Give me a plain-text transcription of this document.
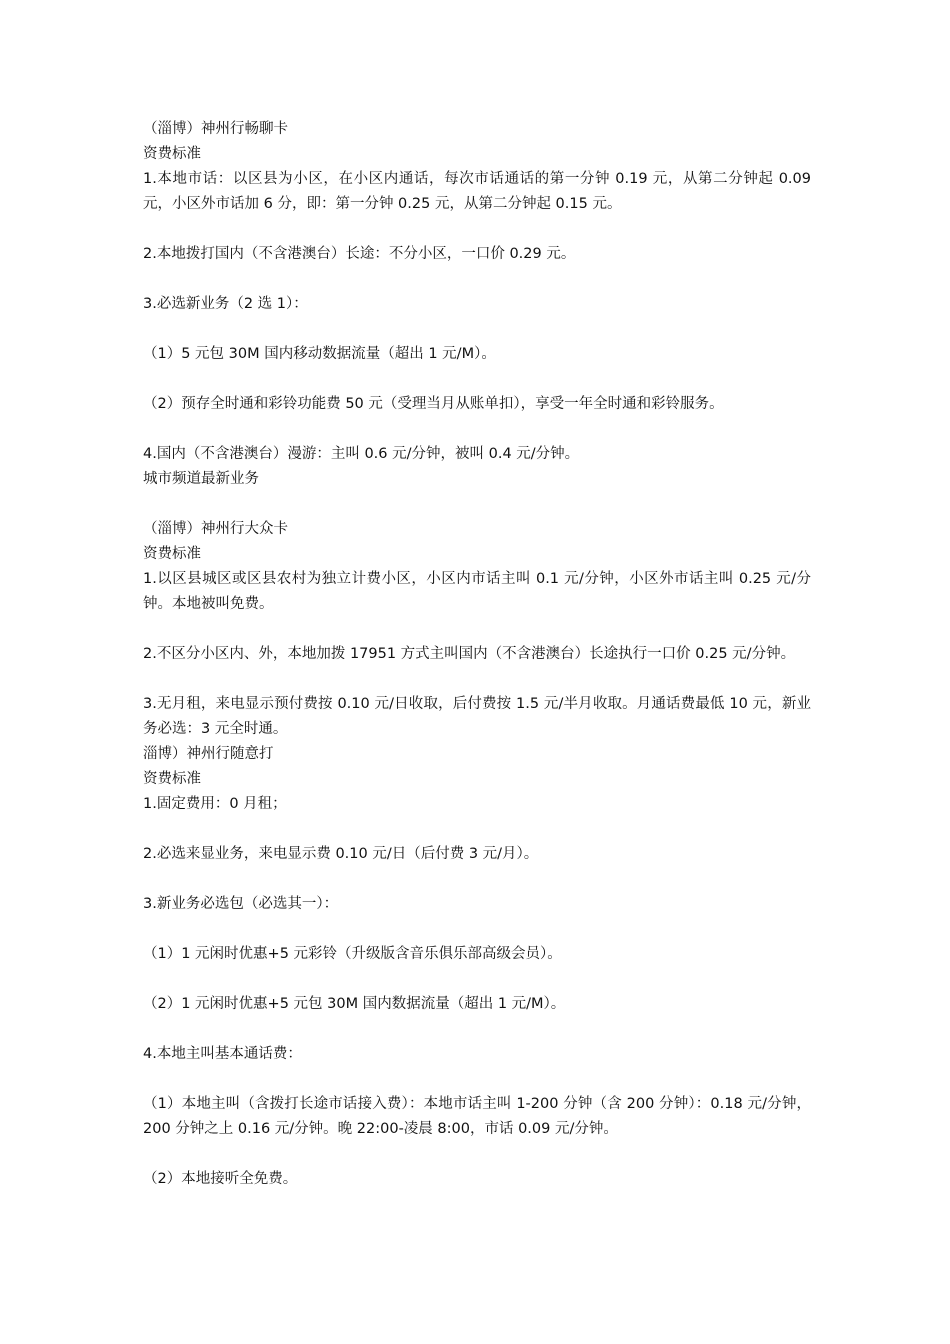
（淄博）神州行畅聊卡

资费标准

1.本地市话：以区县为小区，在小区内通话，每次市话通话的第一分钟 0.19 元，从第二分钟起 0.09 元，小区外市话加 6 分，即：第一分钟 0.25 元，从第二分钟起 0.15 元。

2.本地拨打国内（不含港澳台）长途：不分小区，一口价 0.29 元。

3.必选新业务（2 选 1）：

（1）5 元包 30M 国内移动数据流量（超出 1 元/M）。

（2）预存全时通和彩铃功能费 50 元（受理当月从账单扣），享受一年全时通和彩铃服务。

4.国内（不含港澳台）漫游：主叫 0.6 元/分钟，被叫 0.4 元/分钟。

城市频道最新业务

（淄博）神州行大众卡

资费标准

1.以区县城区或区县农村为独立计费小区，小区内市话主叫 0.1 元/分钟，小区外市话主叫 0.25 元/分钟。本地被叫免费。

2.不区分小区内、外，本地加拨 17951 方式主叫国内（不含港澳台）长途执行一口价 0.25 元/分钟。

3.无月租，来电显示预付费按 0.10 元/日收取，后付费按 1.5 元/半月收取。月通话费最低 10 元，新业务必选：3 元全时通。

淄博）神州行随意打

资费标准

1.固定费用：0 月租；

2.必选来显业务，来电显示费 0.10 元/日（后付费 3 元/月）。

3.新业务必选包（必选其一）：

（1）1 元闲时优惠+5 元彩铃（升级版含音乐俱乐部高级会员）。

（2）1 元闲时优惠+5 元包 30M 国内数据流量（超出 1 元/M）。

4.本地主叫基本通话费：

（1）本地主叫（含拨打长途市话接入费）：本地市话主叫 1-200 分钟（含 200 分钟）：0.18 元/分钟，200 分钟之上 0.16 元/分钟。晚 22:00-凌晨 8:00，市话 0.09 元/分钟。

（2）本地接听全免费。
